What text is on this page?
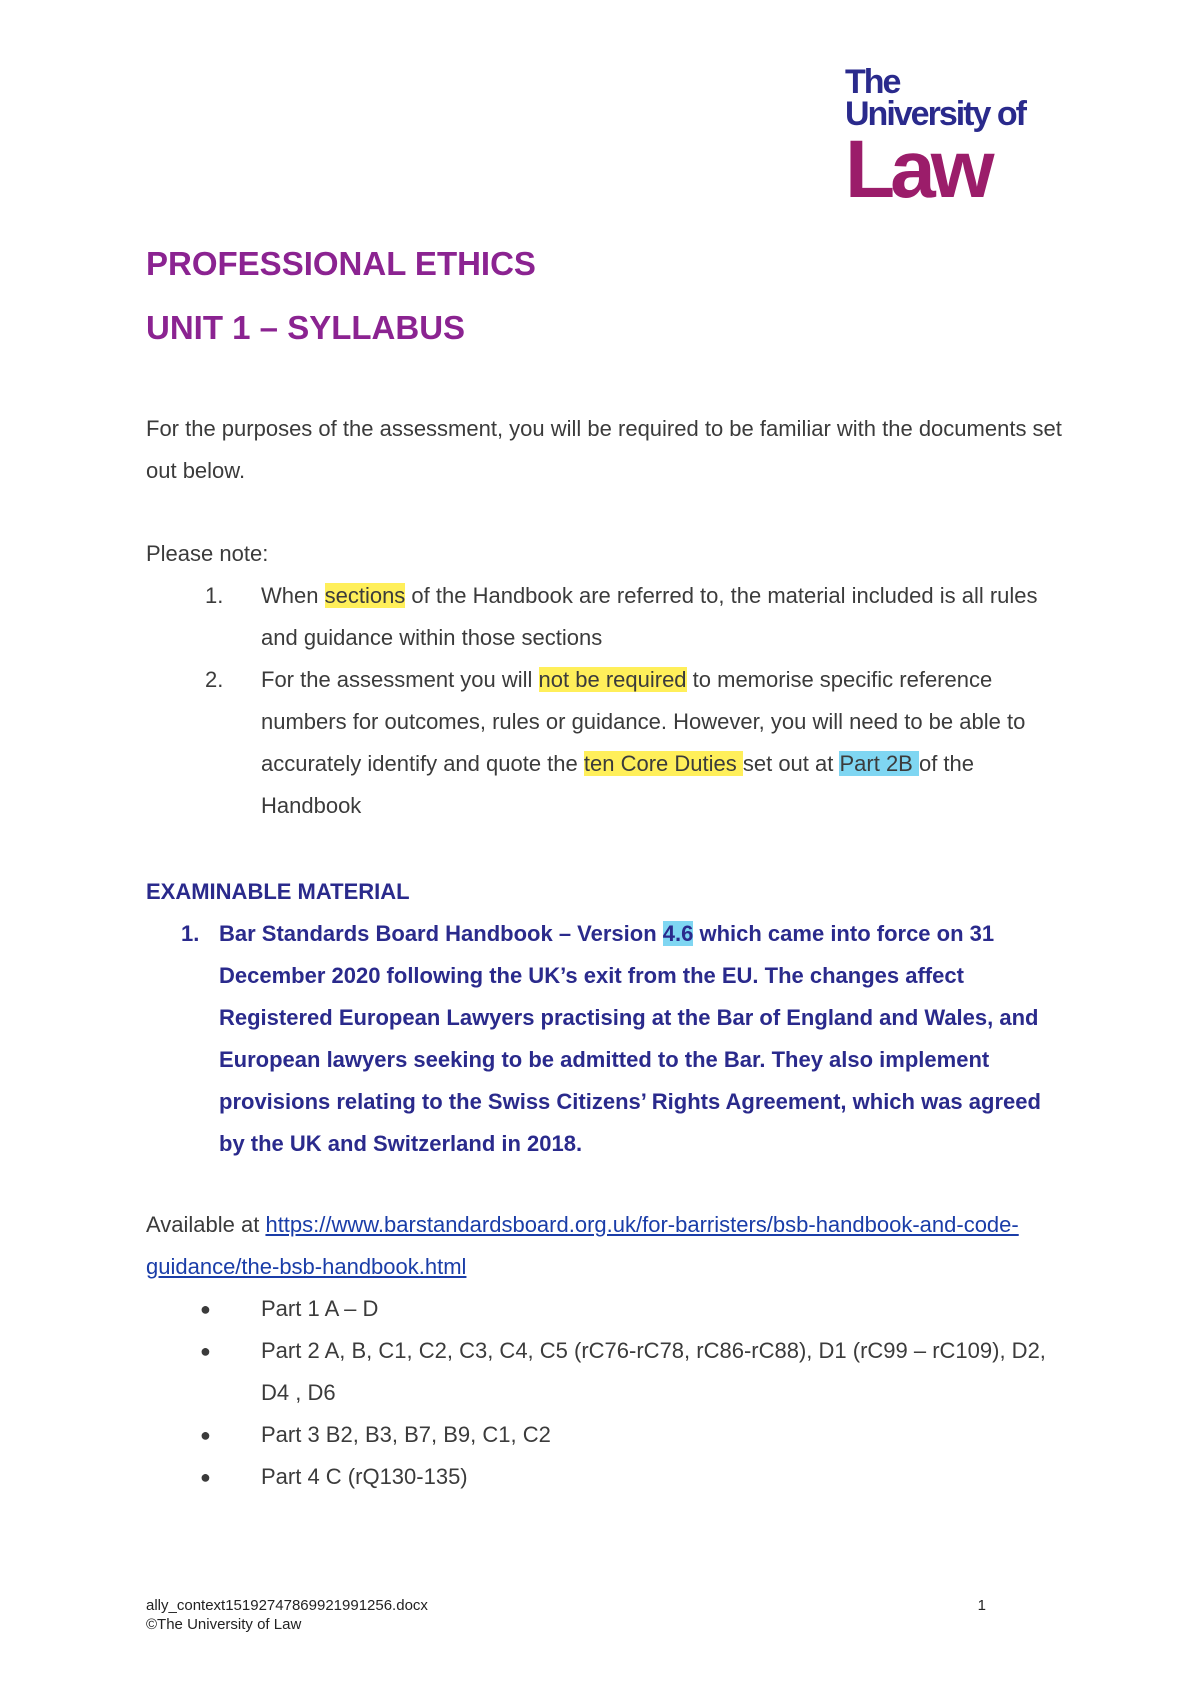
The
University of
Law
PROFESSIONAL ETHICS
UNIT 1 – SYLLABUS

For the purposes of the assessment, you will be required to be familiar with the documents set out below.

Please note:

1. When sections of the Handbook are referred to, the material included is all rules and guidance within those sections
2. For the assessment you will not be required to memorise specific reference numbers for outcomes, rules or guidance. However, you will need to be able to accurately identify and quote the ten Core Duties set out at Part 2B of the Handbook
EXAMINABLE MATERIAL
1. Bar Standards Board Handbook – Version 4.6 which came into force on 31 December 2020 following the UK’s exit from the EU. The changes affect Registered European Lawyers practising at the Bar of England and Wales, and European lawyers seeking to be admitted to the Bar. They also implement provisions relating to the Swiss Citizens’ Rights Agreement, which was agreed by the UK and Switzerland in 2018.

Available at https://www.barstandardsboard.org.uk/for-barristers/bsb-handbook-and-code-guidance/the-bsb-handbook.html

● Part 1 A – D
● Part 2 A, B, C1, C2, C3, C4, C5 (rC76-rC78, rC86-rC88), D1 (rC99 – rC109), D2, D4 , D6
● Part 3 B2, B3, B7, B9, C1, C2
● Part 4 C (rQ130-135)
ally_context15192747869921991256.docx
©The University of Law
1
